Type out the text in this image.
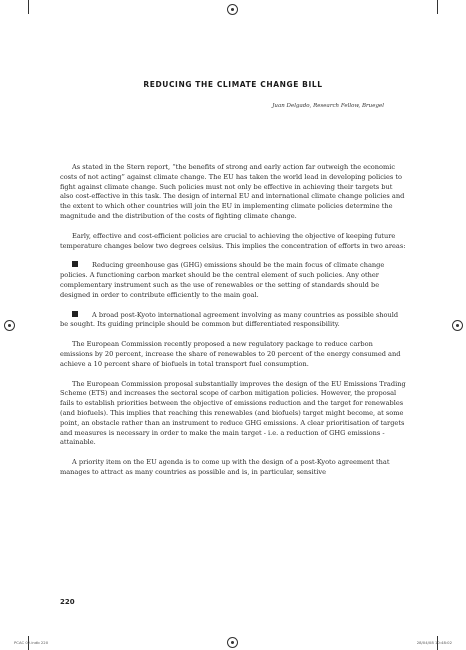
REDUCING THE CLIMATE CHANGE BILL
Juan Delgado, Research Fellow, Bruegel

As stated in the Stern report, “the benefits of strong and early action far outweigh the economic costs of not acting” against climate change. The EU has taken the world lead in developing policies to fight against climate change. Such policies must not only be effective in achieving their targets but also cost-effective in this task. The design of internal EU and international climate change policies and the extent to which other countries will join the EU in implementing climate policies determine the magnitude and the distribution of the costs of fighting climate change.

Early, effective and cost-efficient policies are crucial to achieving the objective of keeping future temperature changes below two degrees celsius. This implies the concentration of efforts in two areas:

Reducing greenhouse gas (GHG) emissions should be the main focus of climate change policies. A functioning carbon market should be the central element of such policies. Any other complementary instrument such as the use of renewables or the setting of standards should be designed in order to contribute efficiently to the main goal.

A broad post-Kyoto international agreement involving as many countries as possible should be sought. Its guiding principle should be common but differentiated responsibility.

The European Commission recently proposed a new regulatory package to reduce carbon emissions by 20 percent, increase the share of renewables to 20 percent of the energy consumed and achieve a 10 percent share of biofuels in total transport fuel consumption.

The European Commission proposal substantially improves the design of the EU Emissions Trading Scheme (ETS) and increases the sectoral scope of carbon mitigation policies. However, the proposal fails to establish priorities between the objective of emissions reduction and the target for renewables (and biofuels). This implies that reaching this renewables (and biofuels) target might become, at some point, an obstacle rather than an instrument to reduce GHG emissions. A clear prioritisation of targets and measures is necessary in order to make the main target - i.e. a reduction of GHG emissions - attainable.

A priority item on the EU agenda is to come up with the design of a post-Kyoto agreement that manages to attract as many countries as possible and is, in particular, sensitive

220
PCAC 02.indb 220	28/04/08 10:48:02
